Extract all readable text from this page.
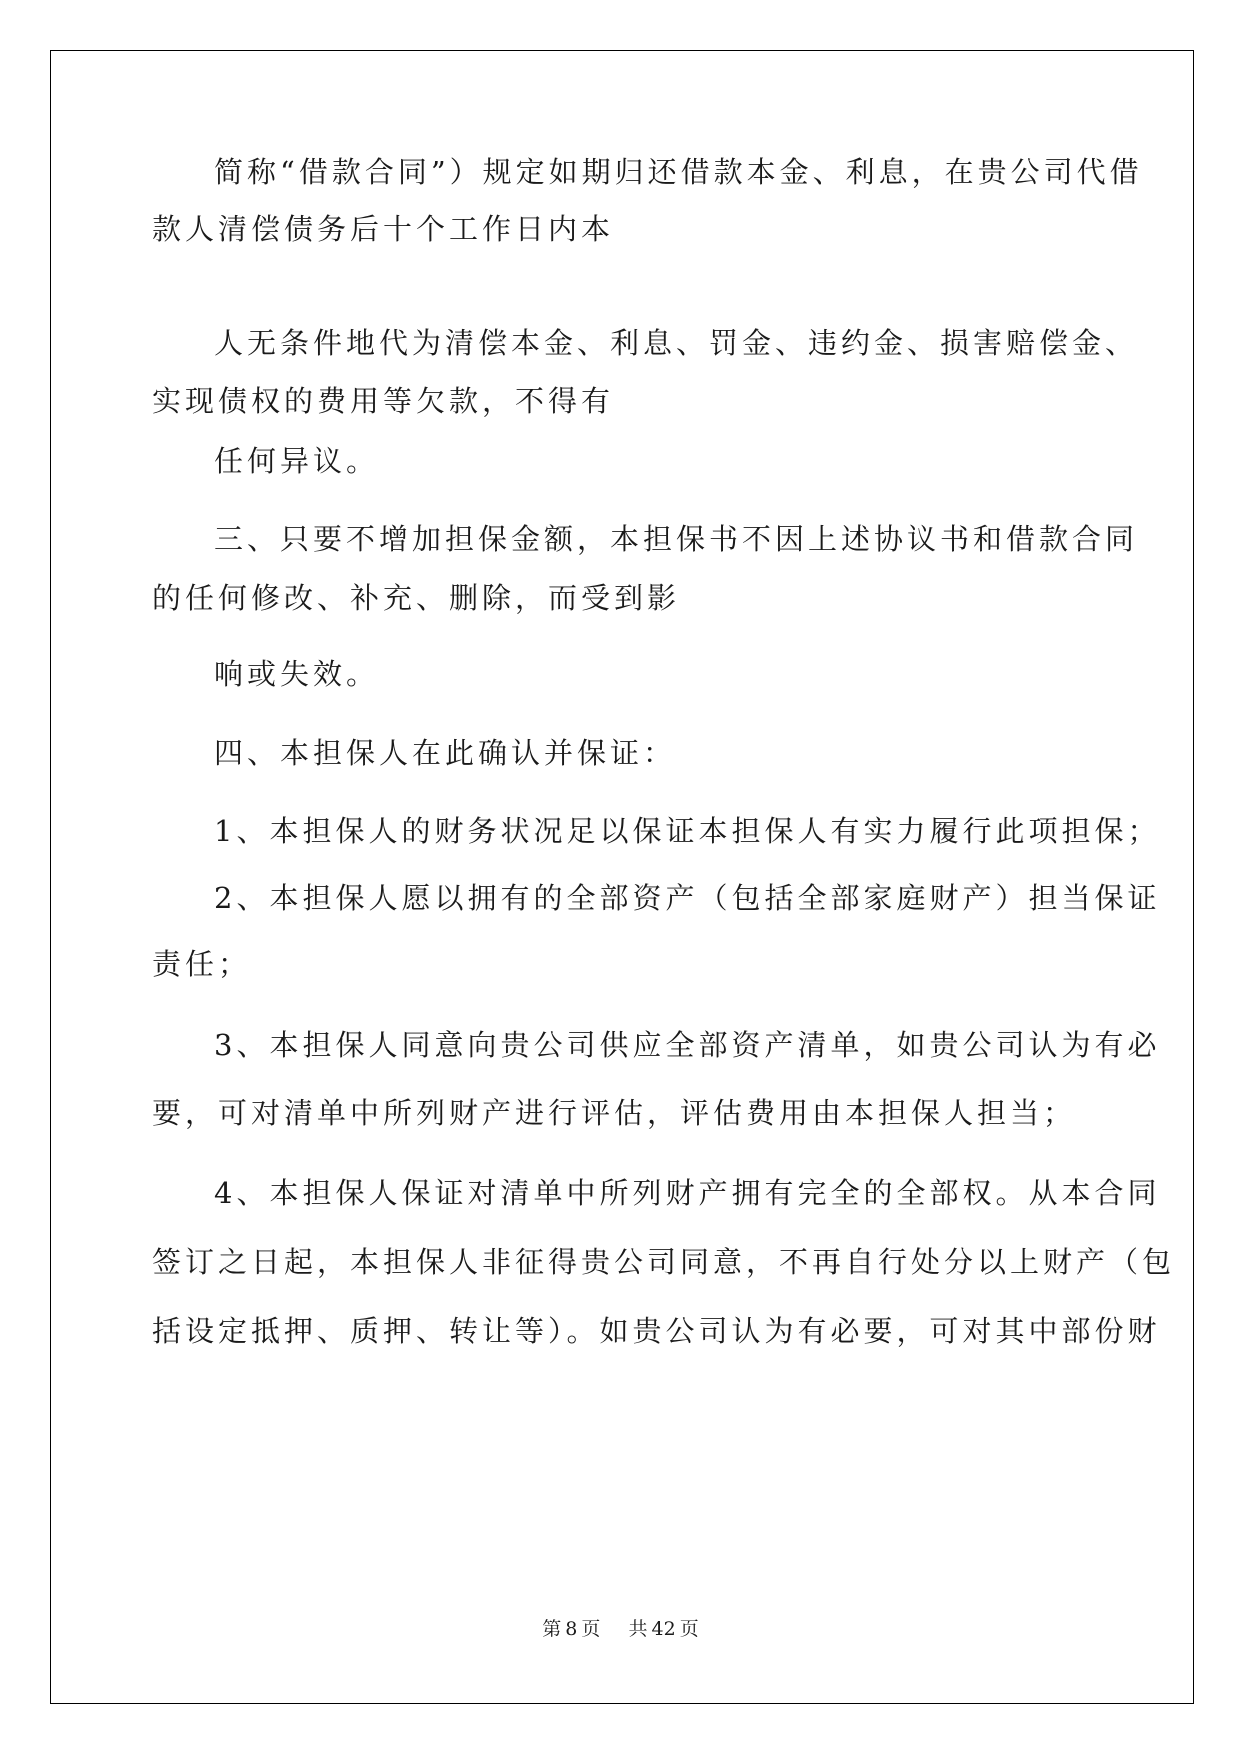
简称“借款合同”）规定如期归还借款本金、利息，在贵公司代借
款人清偿债务后十个工作日内本
人无条件地代为清偿本金、利息、罚金、违约金、损害赔偿金、
实现债权的费用等欠款，不得有
任何异议。
三、只要不增加担保金额，本担保书不因上述协议书和借款合同
的任何修改、补充、删除，而受到影
响或失效。
四、本担保人在此确认并保证：
1、本担保人的财务状况足以保证本担保人有实力履行此项担保；
2、本担保人愿以拥有的全部资产（包括全部家庭财产）担当保证
责任；
3、本担保人同意向贵公司供应全部资产清单，如贵公司认为有必
要，可对清单中所列财产进行评估，评估费用由本担保人担当；
4、本担保人保证对清单中所列财产拥有完全的全部权。从本合同
签订之日起，本担保人非征得贵公司同意，不再自行处分以上财产（包
括设定抵押、质押、转让等）。如贵公司认为有必要，可对其中部份财
第 8 页 共 42 页
